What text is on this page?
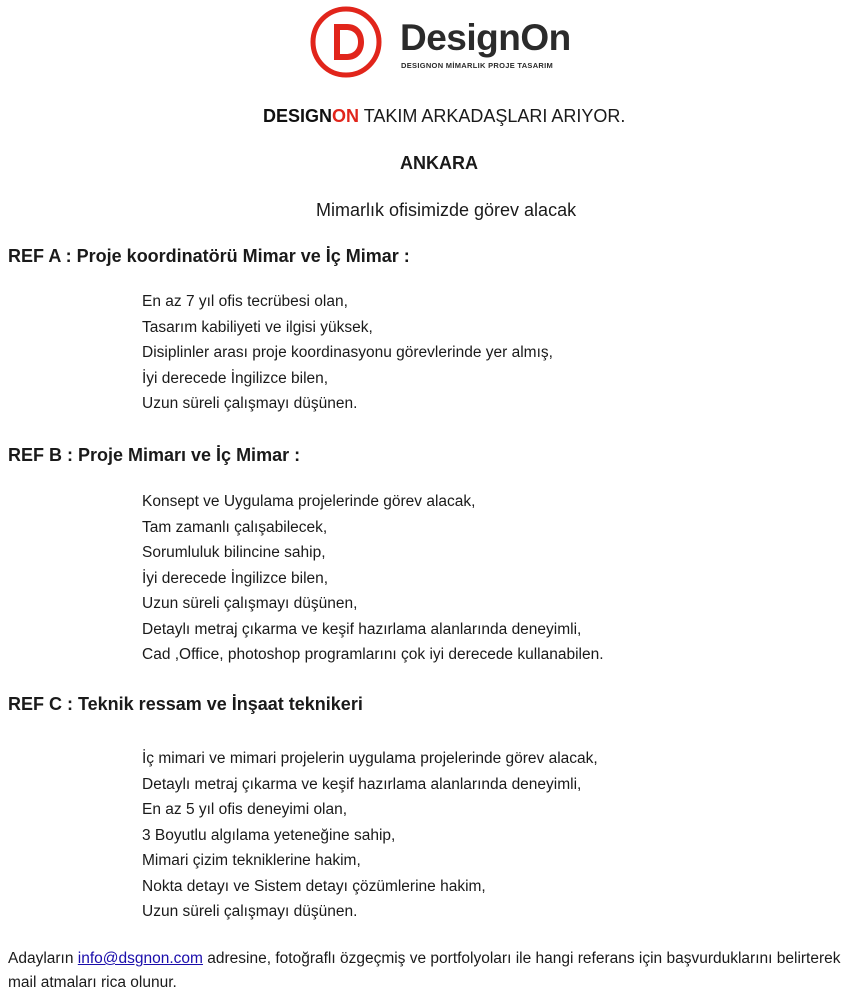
DesignOn
DESIGNON MİMARLIK PROJE TASARIM
DESIGNON TAKIM ARKADAŞLARI ARIYOR.
ANKARA
Mimarlık ofisimizde görev alacak
REF A : Proje koordinatörü Mimar ve İç Mimar :
En az 7 yıl ofis tecrübesi olan,
Tasarım kabiliyeti ve ilgisi yüksek,
Disiplinler arası proje koordinasyonu görevlerinde yer almış,
İyi derecede İngilizce bilen,
Uzun süreli çalışmayı düşünen.
REF B : Proje Mimarı ve İç Mimar :
Konsept ve Uygulama projelerinde görev alacak,
Tam zamanlı çalışabilecek,
Sorumluluk bilincine sahip,
İyi derecede İngilizce bilen,
Uzun süreli çalışmayı düşünen,
Detaylı metraj çıkarma ve keşif hazırlama alanlarında deneyimli,
Cad ,Office, photoshop programlarını çok iyi derecede kullanabilen.
REF C : Teknik ressam ve İnşaat teknikeri
İç mimari ve mimari projelerin uygulama projelerinde görev alacak,
Detaylı metraj çıkarma ve keşif hazırlama alanlarında deneyimli,
En az 5 yıl ofis deneyimi olan,
3 Boyutlu algılama yeteneğine sahip,
Mimari çizim tekniklerine hakim,
Nokta detayı ve Sistem detayı çözümlerine hakim,
Uzun süreli çalışmayı düşünen.
Adayların info@dsgnon.com adresine, fotoğraflı özgeçmiş ve portfolyoları ile hangi referans için başvurduklarını belirterek mail atmaları rica olunur.
